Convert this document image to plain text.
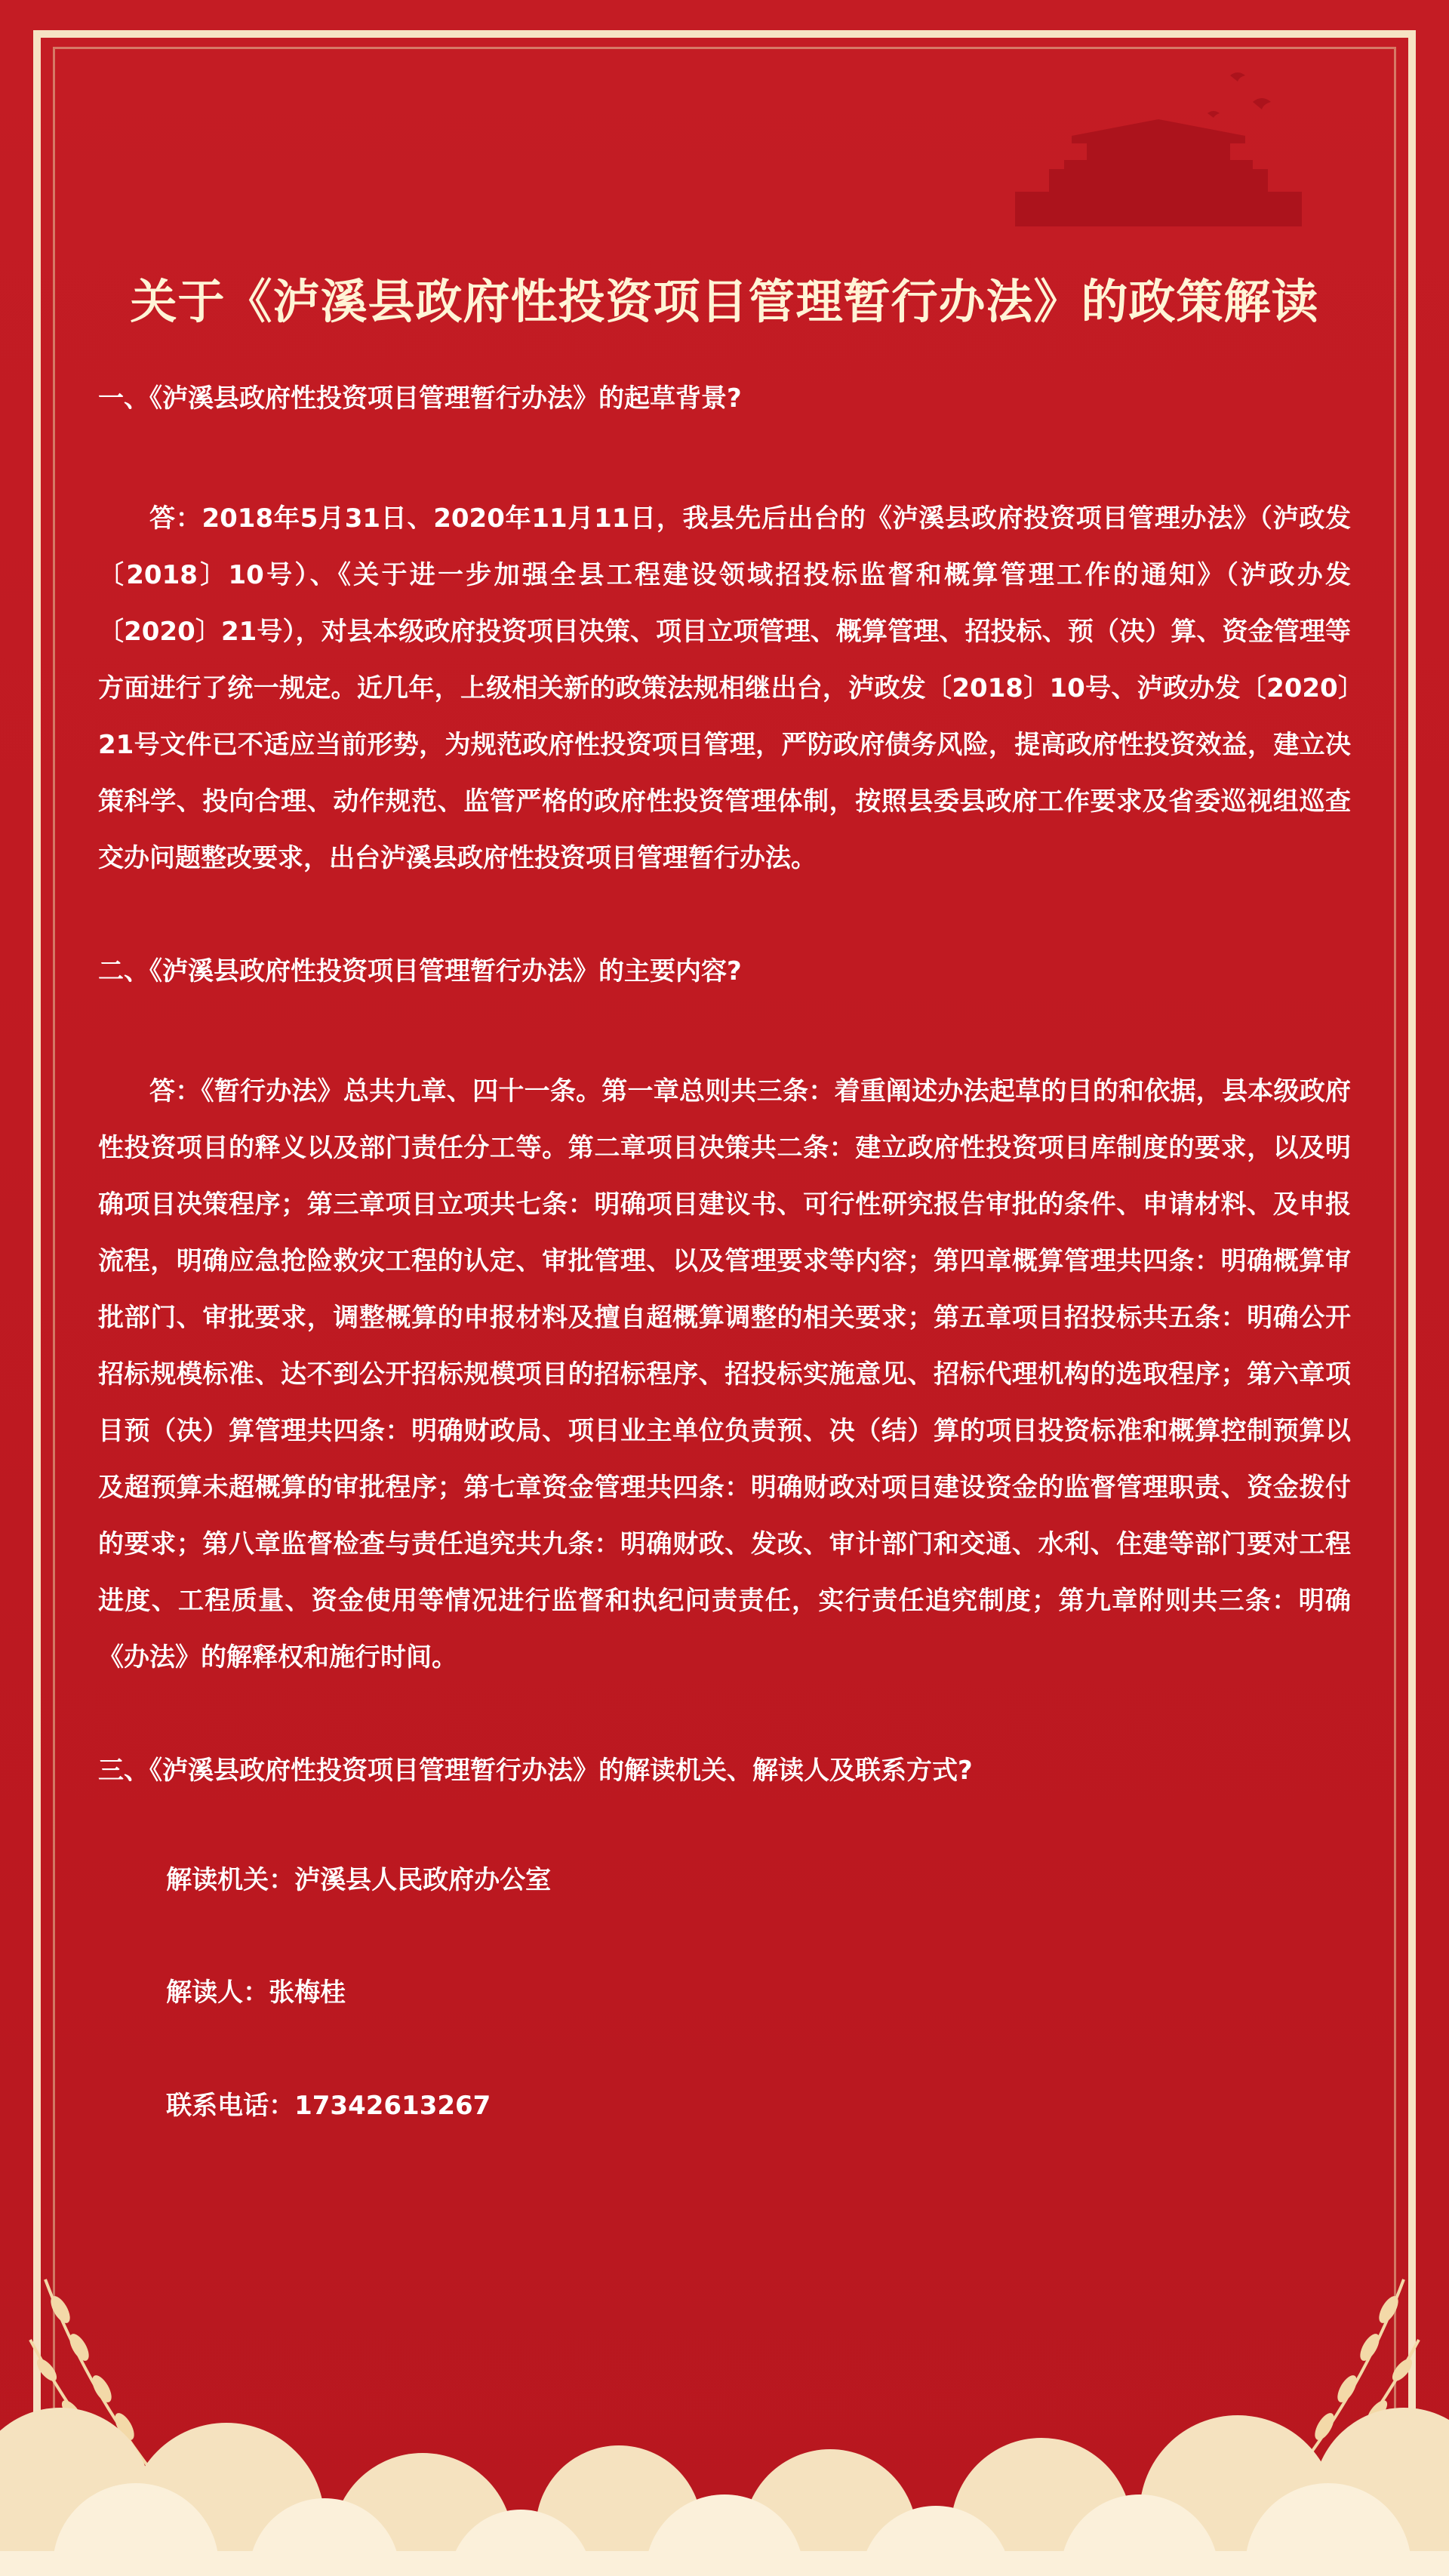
关于《泸溪县政府性投资项目管理暂行办法》的政策解读

一、《泸溪县政府性投资项目管理暂行办法》的起草背景?

答：2018年5月31日、2020年11月11日，我县先后出台的《泸溪县政府投资项目管理办法》（泸政发〔2018〕10号）、《关于进一步加强全县工程建设领域招投标监督和概算管理工作的通知》（泸政办发〔2020〕21号），对县本级政府投资项目决策、项目立项管理、概算管理、招投标、预（决）算、资金管理等方面进行了统一规定。近几年，上级相关新的政策法规相继出台，泸政发〔2018〕10号、泸政办发〔2020〕21号文件已不适应当前形势，为规范政府性投资项目管理，严防政府债务风险，提高政府性投资效益，建立决策科学、投向合理、动作规范、监管严格的政府性投资管理体制，按照县委县政府工作要求及省委巡视组巡查交办问题整改要求，出台泸溪县政府性投资项目管理暂行办法。

二、《泸溪县政府性投资项目管理暂行办法》的主要内容?

答：《暂行办法》总共九章、四十一条。第一章总则共三条：着重阐述办法起草的目的和依据，县本级政府性投资项目的释义以及部门责任分工等。第二章项目决策共二条：建立政府性投资项目库制度的要求，以及明确项目决策程序；第三章项目立项共七条：明确项目建议书、可行性研究报告审批的条件、申请材料、及申报流程，明确应急抢险救灾工程的认定、审批管理、以及管理要求等内容；第四章概算管理共四条：明确概算审批部门、审批要求，调整概算的申报材料及擅自超概算调整的相关要求；第五章项目招投标共五条：明确公开招标规模标准、达不到公开招标规模项目的招标程序、招投标实施意见、招标代理机构的选取程序；第六章项目预（决）算管理共四条：明确财政局、项目业主单位负责预、决（结）算的项目投资标准和概算控制预算以及超预算未超概算的审批程序；第七章资金管理共四条：明确财政对项目建设资金的监督管理职责、资金拨付的要求；第八章监督检查与责任追究共九条：明确财政、发改、审计部门和交通、水利、住建等部门要对工程进度、工程质量、资金使用等情况进行监督和执纪问责责任，实行责任追究制度；第九章附则共三条：明确《办法》的解释权和施行时间。

三、《泸溪县政府性投资项目管理暂行办法》的解读机关、解读人及联系方式?

解读机关：泸溪县人民政府办公室

解读人：张梅桂

联系电话：17342613267
